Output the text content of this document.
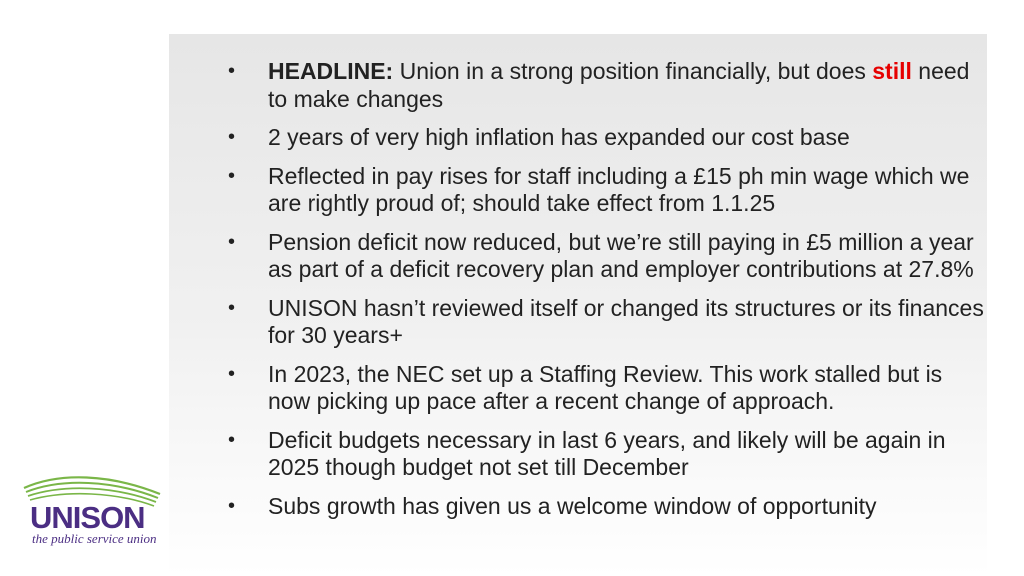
• HEADLINE: Union in a strong position financially, but does still need to make changes
• 2 years of very high inflation has expanded our cost base
• Reflected in pay rises for staff including a £15 ph min wage which we are rightly proud of; should take effect from 1.1.25
• Pension deficit now reduced, but we’re still paying in £5 million a year as part of a deficit recovery plan and employer contributions at 27.8%
• UNISON hasn’t reviewed itself or changed its structures or its finances for 30 years+
• In 2023, the NEC set up a Staffing Review. This work stalled but is now picking up pace after a recent change of approach.
• Deficit budgets necessary in last 6 years, and likely will be again in 2025 though budget not set till December
• Subs growth has given us a welcome window of opportunity
UNISON
the public service union
